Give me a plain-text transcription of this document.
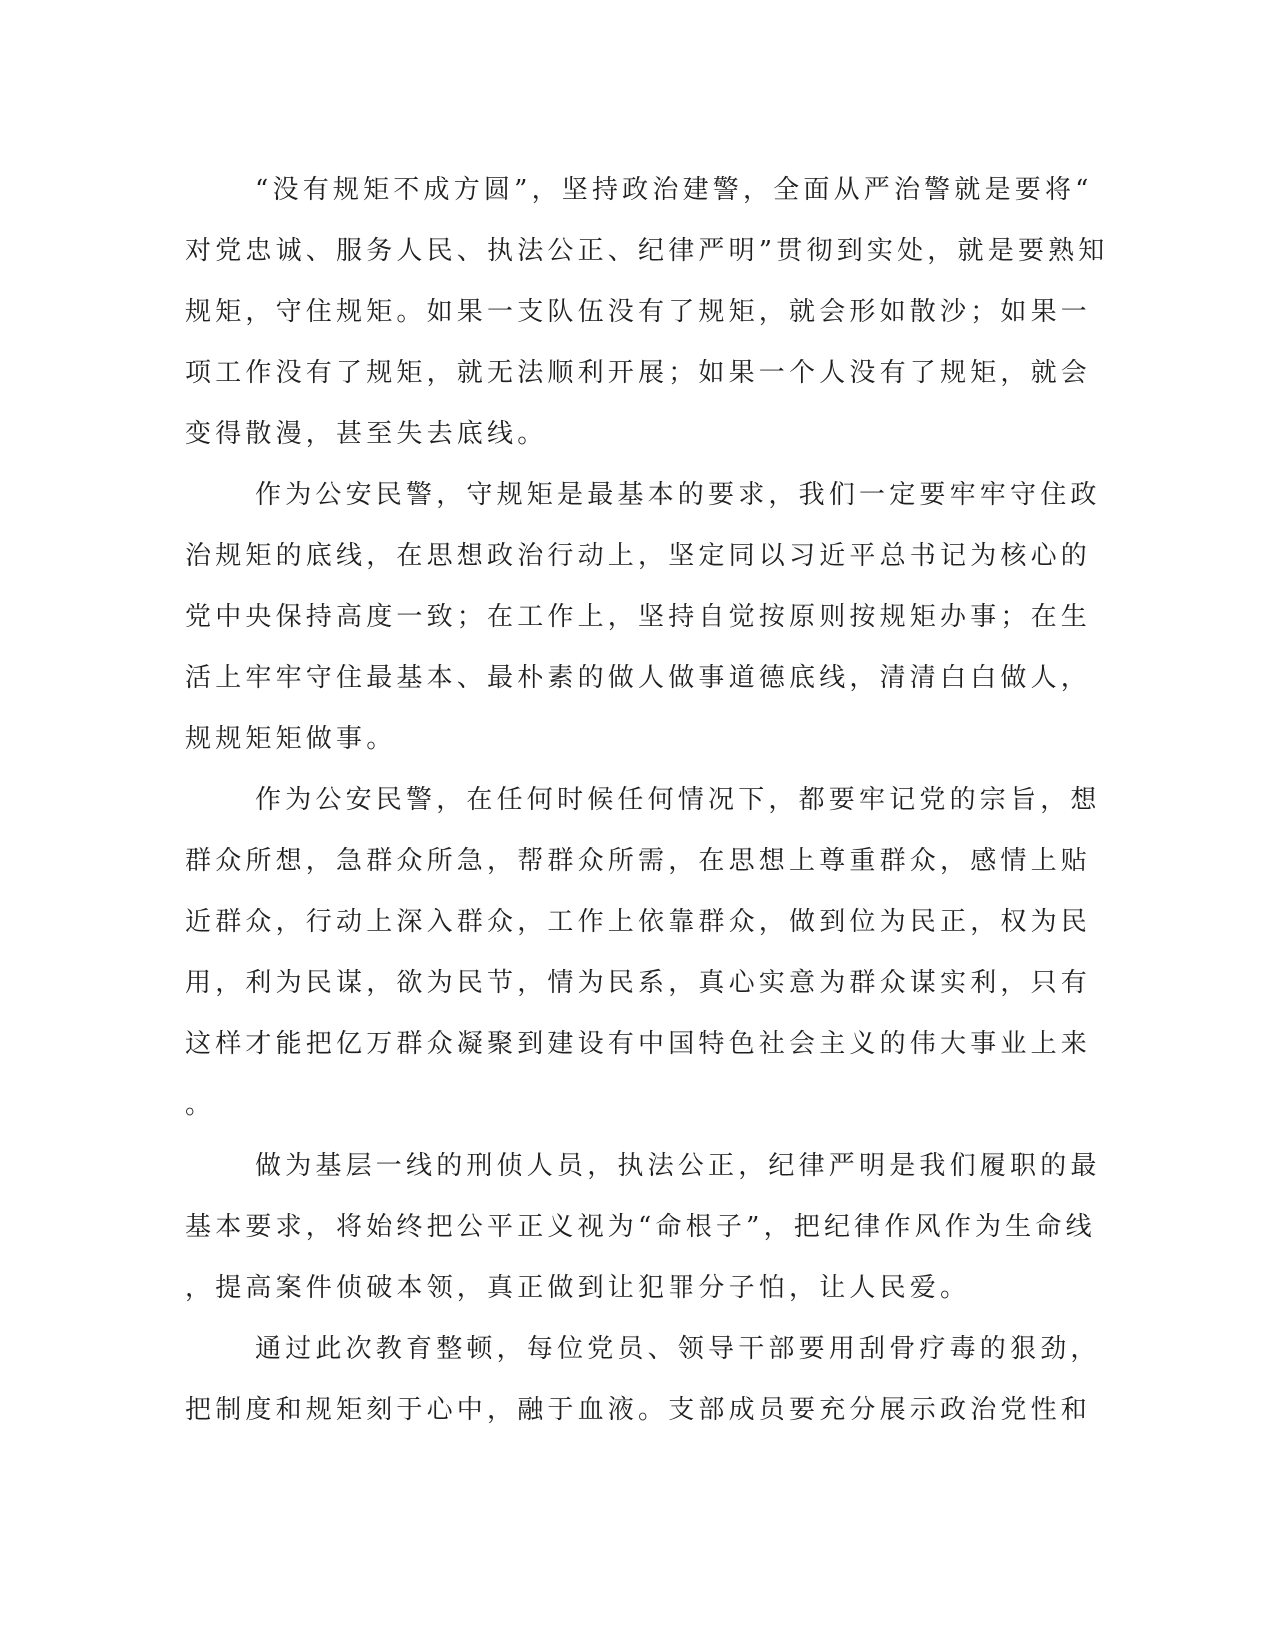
“没有规矩不成方圆”，坚持政治建警，全面从严治警就是要将“
对党忠诚、服务人民、执法公正、纪律严明”贯彻到实处，就是要熟知
规矩，守住规矩。如果一支队伍没有了规矩，就会形如散沙；如果一
项工作没有了规矩，就无法顺利开展；如果一个人没有了规矩，就会
变得散漫，甚至失去底线。
作为公安民警，守规矩是最基本的要求，我们一定要牢牢守住政
治规矩的底线，在思想政治行动上，坚定同以习近平总书记为核心的
党中央保持高度一致；在工作上，坚持自觉按原则按规矩办事；在生
活上牢牢守住最基本、最朴素的做人做事道德底线，清清白白做人，
规规矩矩做事。
作为公安民警，在任何时候任何情况下，都要牢记党的宗旨，想
群众所想，急群众所急，帮群众所需，在思想上尊重群众，感情上贴
近群众，行动上深入群众，工作上依靠群众，做到位为民正，权为民
用，利为民谋，欲为民节，情为民系，真心实意为群众谋实利，只有
这样才能把亿万群众凝聚到建设有中国特色社会主义的伟大事业上来
。
做为基层一线的刑侦人员，执法公正，纪律严明是我们履职的最
基本要求，将始终把公平正义视为“命根子”，把纪律作风作为生命线
，提高案件侦破本领，真正做到让犯罪分子怕，让人民爱。
通过此次教育整顿，每位党员、领导干部要用刮骨疗毒的狠劲，
把制度和规矩刻于心中，融于血液。支部成员要充分展示政治党性和
